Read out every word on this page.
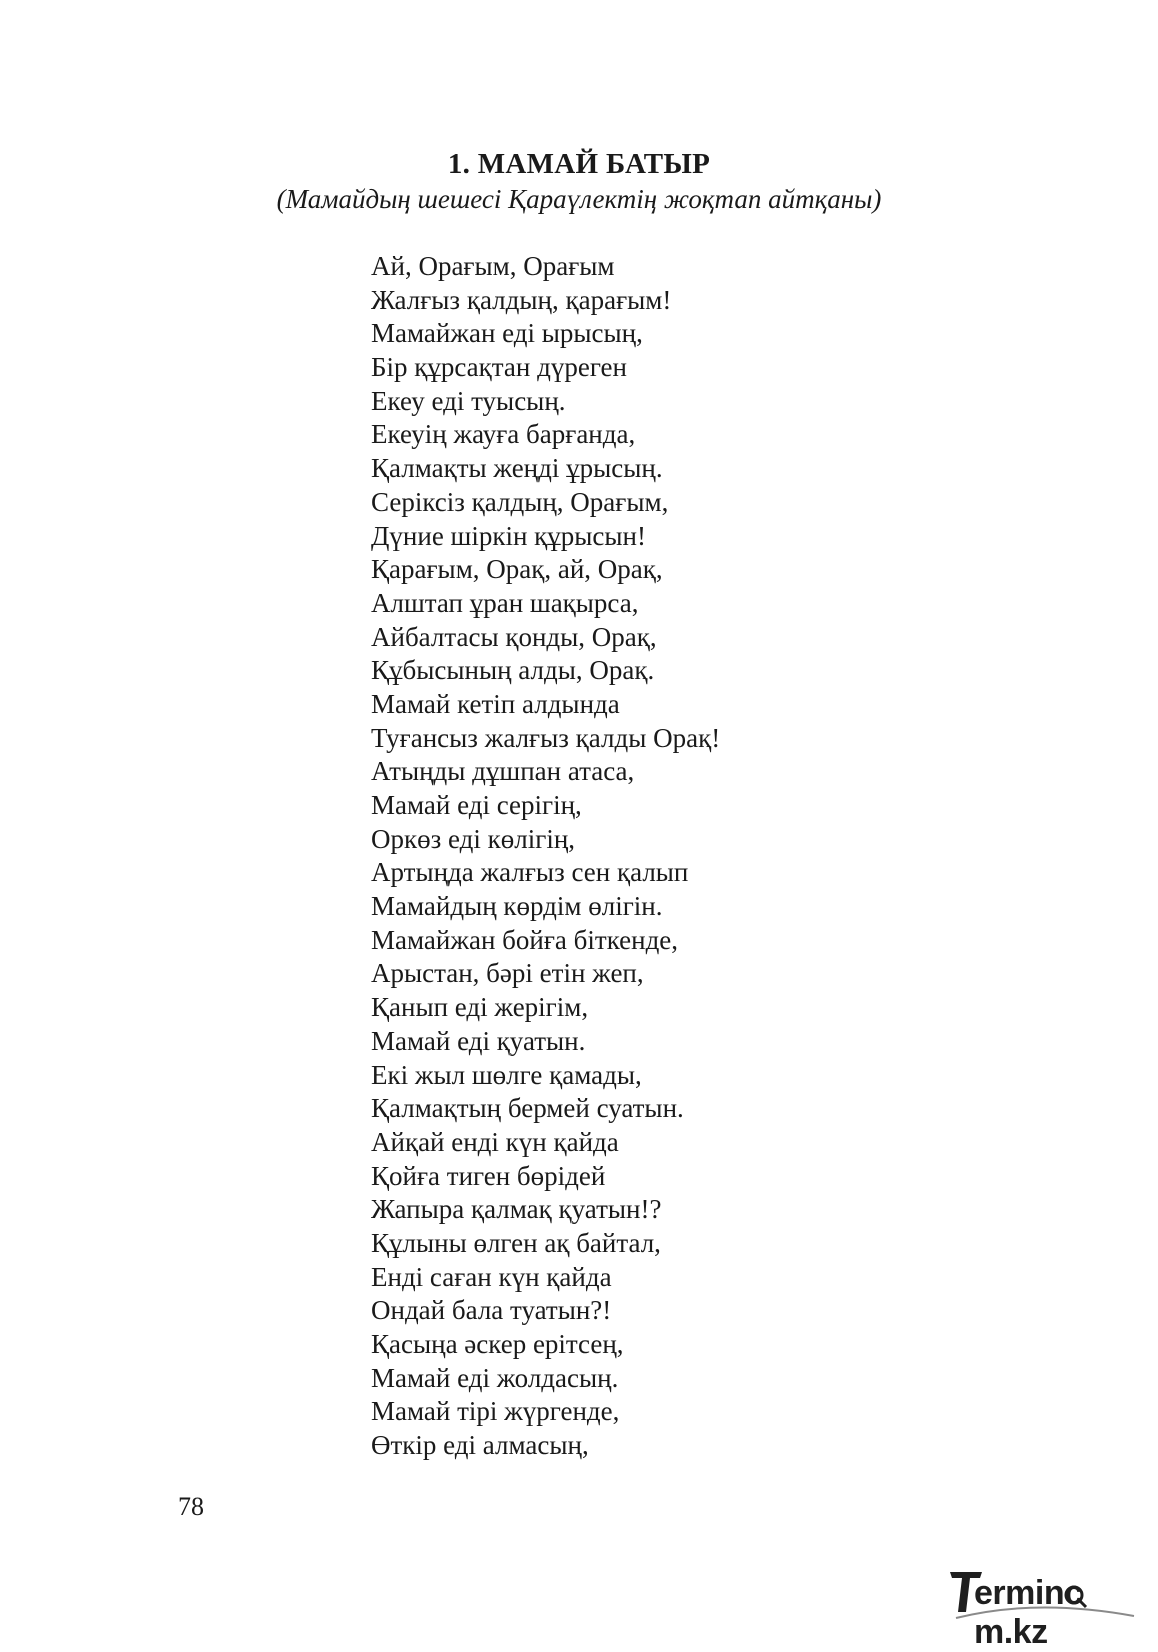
1. МАМАЙ БАТЫР

(Мамайдың шешесі Қараүлектің жоқтап айтқаны)

Ай, Орағым, Орағым
Жалғыз қалдың, қарағым!
Мамайжан еді ырысың,
Бір құрсақтан дүреген
Екеу еді туысың.
Екеуің жауға барғанда,
Қалмақты жеңді ұрысың.
Серіксіз қалдың, Орағым,
Дүние шіркін құрысын!
Қарағым, Орақ, ай, Орақ,
Алштап ұран шақырса,
Айбалтасы қонды, Орақ,
Құбысының алды, Орақ.
Мамай кетіп алдында
Туғансыз жалғыз қалды Орақ!
Атыңды дұшпан атаса,
Мамай еді серігің,
Оркөз еді көлігің,
Артыңда жалғыз сен қалып
Мамайдың көрдім өлігін.
Мамайжан бойға біткенде,
Арыстан, бәрі етін жеп,
Қанып еді жерігім,
Мамай еді қуатын.
Екі жыл шөлге қамады,
Қалмақтың бермей суатын.
Айқай енді күн қайда
Қойға тиген бөрідей
Жапыра қалмақ қуатын!?
Құлыны өлген ақ байтал,
Енді саған күн қайда
Ондай бала туатын?!
Қасыңа әскер ерітсең,
Мамай еді жолдасың.
Мамай тірі жүргенде,
Өткір еді алмасың,
78
erminc m.kz
